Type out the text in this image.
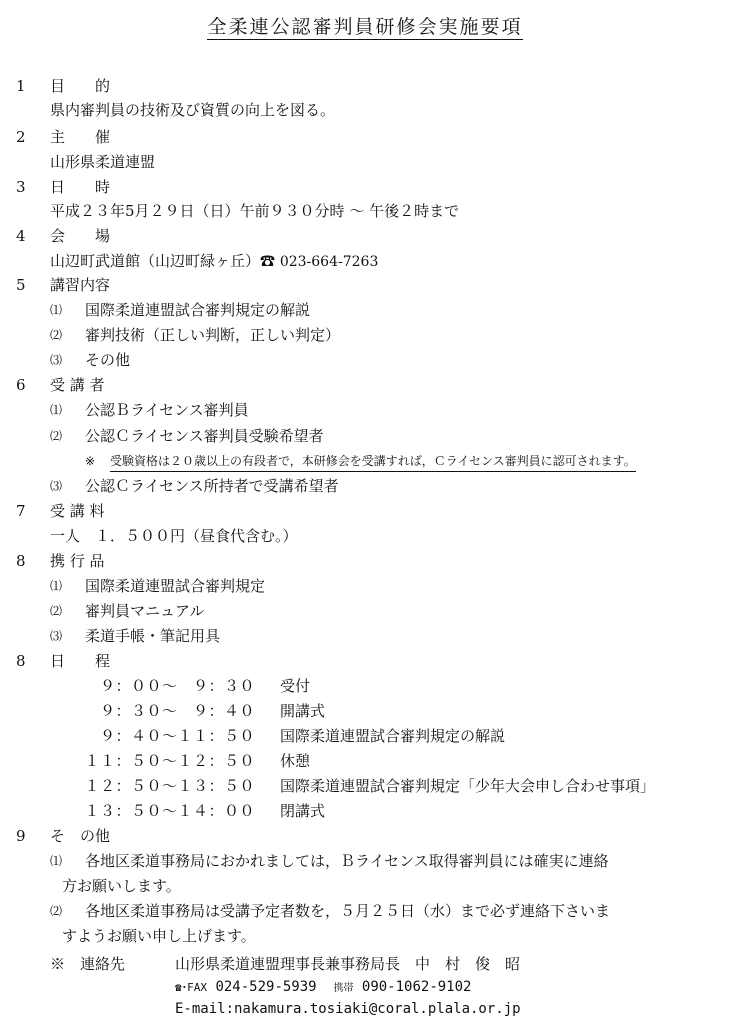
全柔連公認審判員研修会実施要項
1 目　　的
県内審判員の技術及び資質の向上を図る。
2 主　　催
山形県柔道連盟
3 日　　時
平成２３年5月２９日（日）午前９３０分時 〜 午後２時まで
4 会　　場
山辺町武道館（山辺町緑ヶ丘）☎ 023-664-7263
5 講習内容
⑴ 国際柔道連盟試合審判規定の解説
⑵ 審判技術（正しい判断，正しい判定）
⑶ その他
6 受 講 者
⑴ 公認Ｂライセンス審判員
⑵ 公認Ｃライセンス審判員受験希望者
※ 受験資格は２０歳以上の有段者で，本研修会を受講すれば，Ｃライセンス審判員に認可されます。
⑶ 公認Ｃライセンス所持者で受講希望者
7 受 講 料
一人　１．５００円（昼食代含む。）
8 携 行 品
⑴ 国際柔道連盟試合審判規定
⑵ 審判員マニュアル
⑶ 柔道手帳・筆記用具
8 日　　程
９：００〜　９：３０ 受付
９：３０〜　９：４０ 開講式
９：４０〜１１：５０ 国際柔道連盟試合審判規定の解説
１１：５０〜１２：５０ 休憩
１２：５０〜１３：５０ 国際柔道連盟試合審判規定「少年大会申し合わせ事項」
１３：５０〜１４：００ 閉講式
9 そ　の他
⑴ 各地区柔道事務局におかれましては，Ｂライセンス取得審判員には確実に連絡
方お願いします。
⑵ 各地区柔道事務局は受講予定者数を，５月２５日（水）まで必ず連絡下さいま
すようお願い申し上げます。
※　連絡先	山形県柔道連盟理事長兼事務局長　中　村　俊　昭
☎･FAX 024-529-5939 携帯 090-1062-9102
E-mail:nakamura.tosiaki@coral.plala.or.jp
